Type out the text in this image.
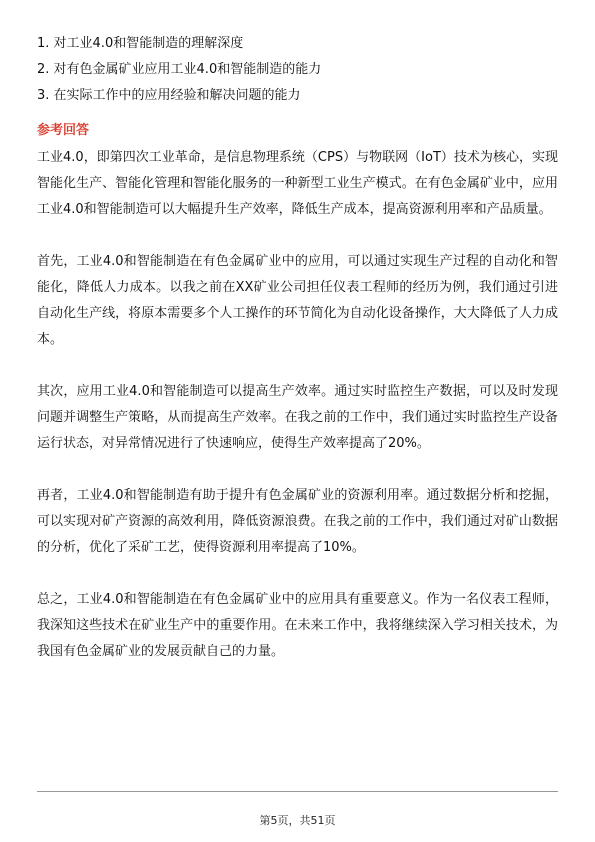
1. 对工业4.0和智能制造的理解深度
2. 对有色金属矿业应用工业4.0和智能制造的能力
3. 在实际工作中的应用经验和解决问题的能力
参考回答

工业4.0，即第四次工业革命，是信息物理系统（CPS）与物联网（IoT）技术为核心，实现智能化生产、智能化管理和智能化服务的一种新型工业生产模式。在有色金属矿业中，应用工业4.0和智能制造可以大幅提升生产效率，降低生产成本，提高资源利用率和产品质量。

首先，工业4.0和智能制造在有色金属矿业中的应用，可以通过实现生产过程的自动化和智能化，降低人力成本。以我之前在XX矿业公司担任仪表工程师的经历为例，我们通过引进自动化生产线，将原本需要多个人工操作的环节简化为自动化设备操作，大大降低了人力成本。

其次，应用工业4.0和智能制造可以提高生产效率。通过实时监控生产数据，可以及时发现问题并调整生产策略，从而提高生产效率。在我之前的工作中，我们通过实时监控生产设备运行状态，对异常情况进行了快速响应，使得生产效率提高了20%。

再者，工业4.0和智能制造有助于提升有色金属矿业的资源利用率。通过数据分析和挖掘，可以实现对矿产资源的高效利用，降低资源浪费。在我之前的工作中，我们通过对矿山数据的分析，优化了采矿工艺，使得资源利用率提高了10%。

总之，工业4.0和智能制造在有色金属矿业中的应用具有重要意义。作为一名仪表工程师，我深知这些技术在矿业生产中的重要作用。在未来工作中，我将继续深入学习相关技术，为我国有色金属矿业的发展贡献自己的力量。

第5页，共51页
